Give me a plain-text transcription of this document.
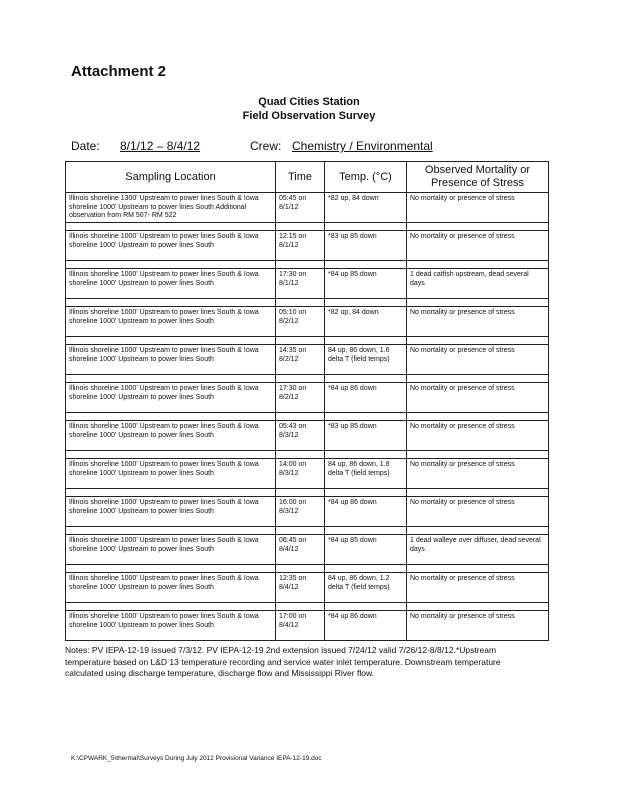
Attachment 2
Quad Cities Station
Field Observation Survey
Date: 8/1/12 – 8/4/12	Crew: Chemistry / Environmental
Sampling Location	Time	Temp. (°C)	Observed Mortality or Presence of Stress
Illinois shoreline 1300' Upstream to power lines South & Iowa shoreline 1000' Upstream to power lines South Additional observation from RM 507- RM 522	05:45 on 8/1/12	*82 up, 84 down	No mortality or presence of stress

Illinois shoreline 1000' Upstream to power lines South & Iowa shoreline 1000' Upstream to power lines South	12:15 on 8/1/12	*83 up 85 down	No mortality or presence of stress

Illinois shoreline 1000' Upstream to power lines South & Iowa shoreline 1000' Upstream to power lines South	17:30 on 8/1/12	*84 up 85 down	1 dead catfish upstream, dead several days

Illinois shoreline 1000' Upstream to power lines South & Iowa shoreline 1000' Upstream to power lines South	05:10 on 8/2/12	*82 up, 84 down	No mortality or presence of stress

Illinois shoreline 1000' Upstream to power lines South & Iowa shoreline 1000' Upstream to power lines South	14:35 on 8/2/12	84 up, 86 down, 1.6 delta T (field temps)	No mortality or presence of stress

Illinois shoreline 1000' Upstream to power lines South & Iowa shoreline 1000' Upstream to power lines South	17:30 on 8/2/12	*84 up 86 down	No mortality or presence of stress

Illinois shoreline 1000' Upstream to power lines South & Iowa shoreline 1000' Upstream to power lines South	05:43 on 8/3/12	*83 up 85 down	No mortality or presence of stress

Illinois shoreline 1000' Upstream to power lines South & Iowa shoreline 1000' Upstream to power lines South	14:00 on 8/3/12	84 up, 86 down, 1.8 delta T (field temps)	No mortality or presence of stress

Illinois shoreline 1000' Upstream to power lines South & Iowa shoreline 1000' Upstream to power lines South	16:00 on 8/3/12	*84 up 86 down	No mortality or presence of stress

Illinois shoreline 1000' Upstream to power lines South & Iowa shoreline 1000' Upstream to power lines South	06:45 on 8/4/12	*84 up 85 down	1 dead walleye over diffuser, dead several days

Illinois shoreline 1000' Upstream to power lines South & Iowa shoreline 1000' Upstream to power lines South	12:35 on 8/4/12	84 up, 86 down, 1.2 delta T (field temps)	No mortality or presence of stress

Illinois shoreline 1000' Upstream to power lines South & Iowa shoreline 1000' Upstream to power lines South	17:00 on 8/4/12	*84 up 86 down	No mortality or presence of stress
Notes: PV IEPA-12-19 issued 7/3/12. PV IEPA-12-19 2nd extension issued 7/24/12 valid 7/26/12-8/8/12.*Upstream temperature based on L&D 13 temperature recording and service water inlet temperature. Downstream temperature calculated using discharge temperature, discharge flow and Mississippi River flow.
K:\CPWARK_5\thermal\Surveys During July 2012 Provisional Variance IEPA-12-19.doc
